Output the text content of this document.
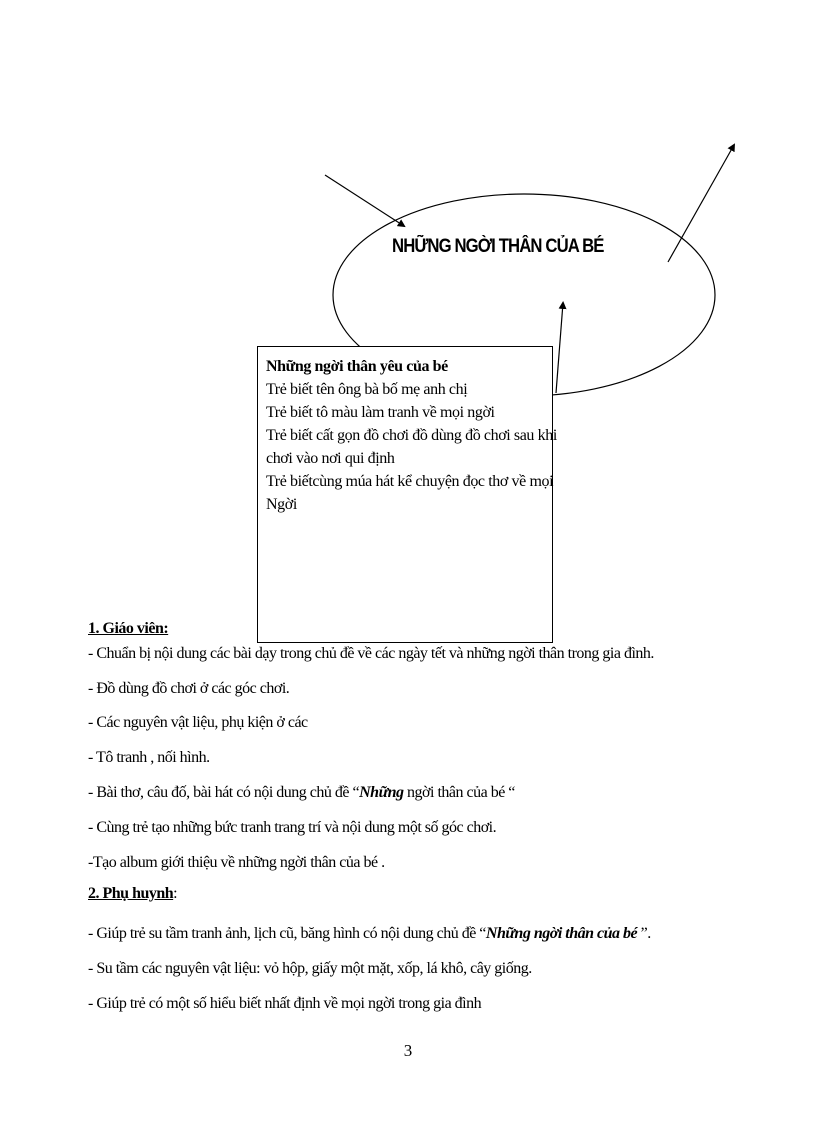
NHỮNG NGỜI THÂN CỦA BÉ
Những ngời thân yêu của bé
Trẻ biết tên ông bà bố mẹ anh chị
Trẻ biết tô màu làm tranh về mọi ngời
Trẻ biết cất gọn đồ chơi đồ dùng đồ chơi sau khi
chơi vào nơi qui định
Trẻ biếtcùng múa hát kể chuyện đọc thơ về mọi
Ngời
1. Giáo viên:
- Chuẩn bị nội dung các bài dạy trong chủ đề về các ngày tết và những ngời thân trong gia đình.
- Đồ dùng đồ chơi ở các góc chơi.
- Các nguyên vật liệu, phụ kiện ở các
- Tô tranh , nối hình.
- Bài thơ, câu đố, bài hát có nội dung chủ đề “Những ngời thân của bé “
- Cùng trẻ tạo những bức tranh trang trí và nội dung một số góc chơi.
-Tạo album giới thiệu về những ngời thân của bé .
2. Phụ huynh:
- Giúp trẻ su tầm tranh ảnh, lịch cũ, băng hình có nội dung chủ đề “Những ngời thân của bé ”.
- Su tầm các nguyên vật liệu: vỏ hộp, giấy một mặt, xốp, lá khô, cây giống.
- Giúp trẻ có một số hiểu biết nhất định về mọi ngời trong gia đình
3
